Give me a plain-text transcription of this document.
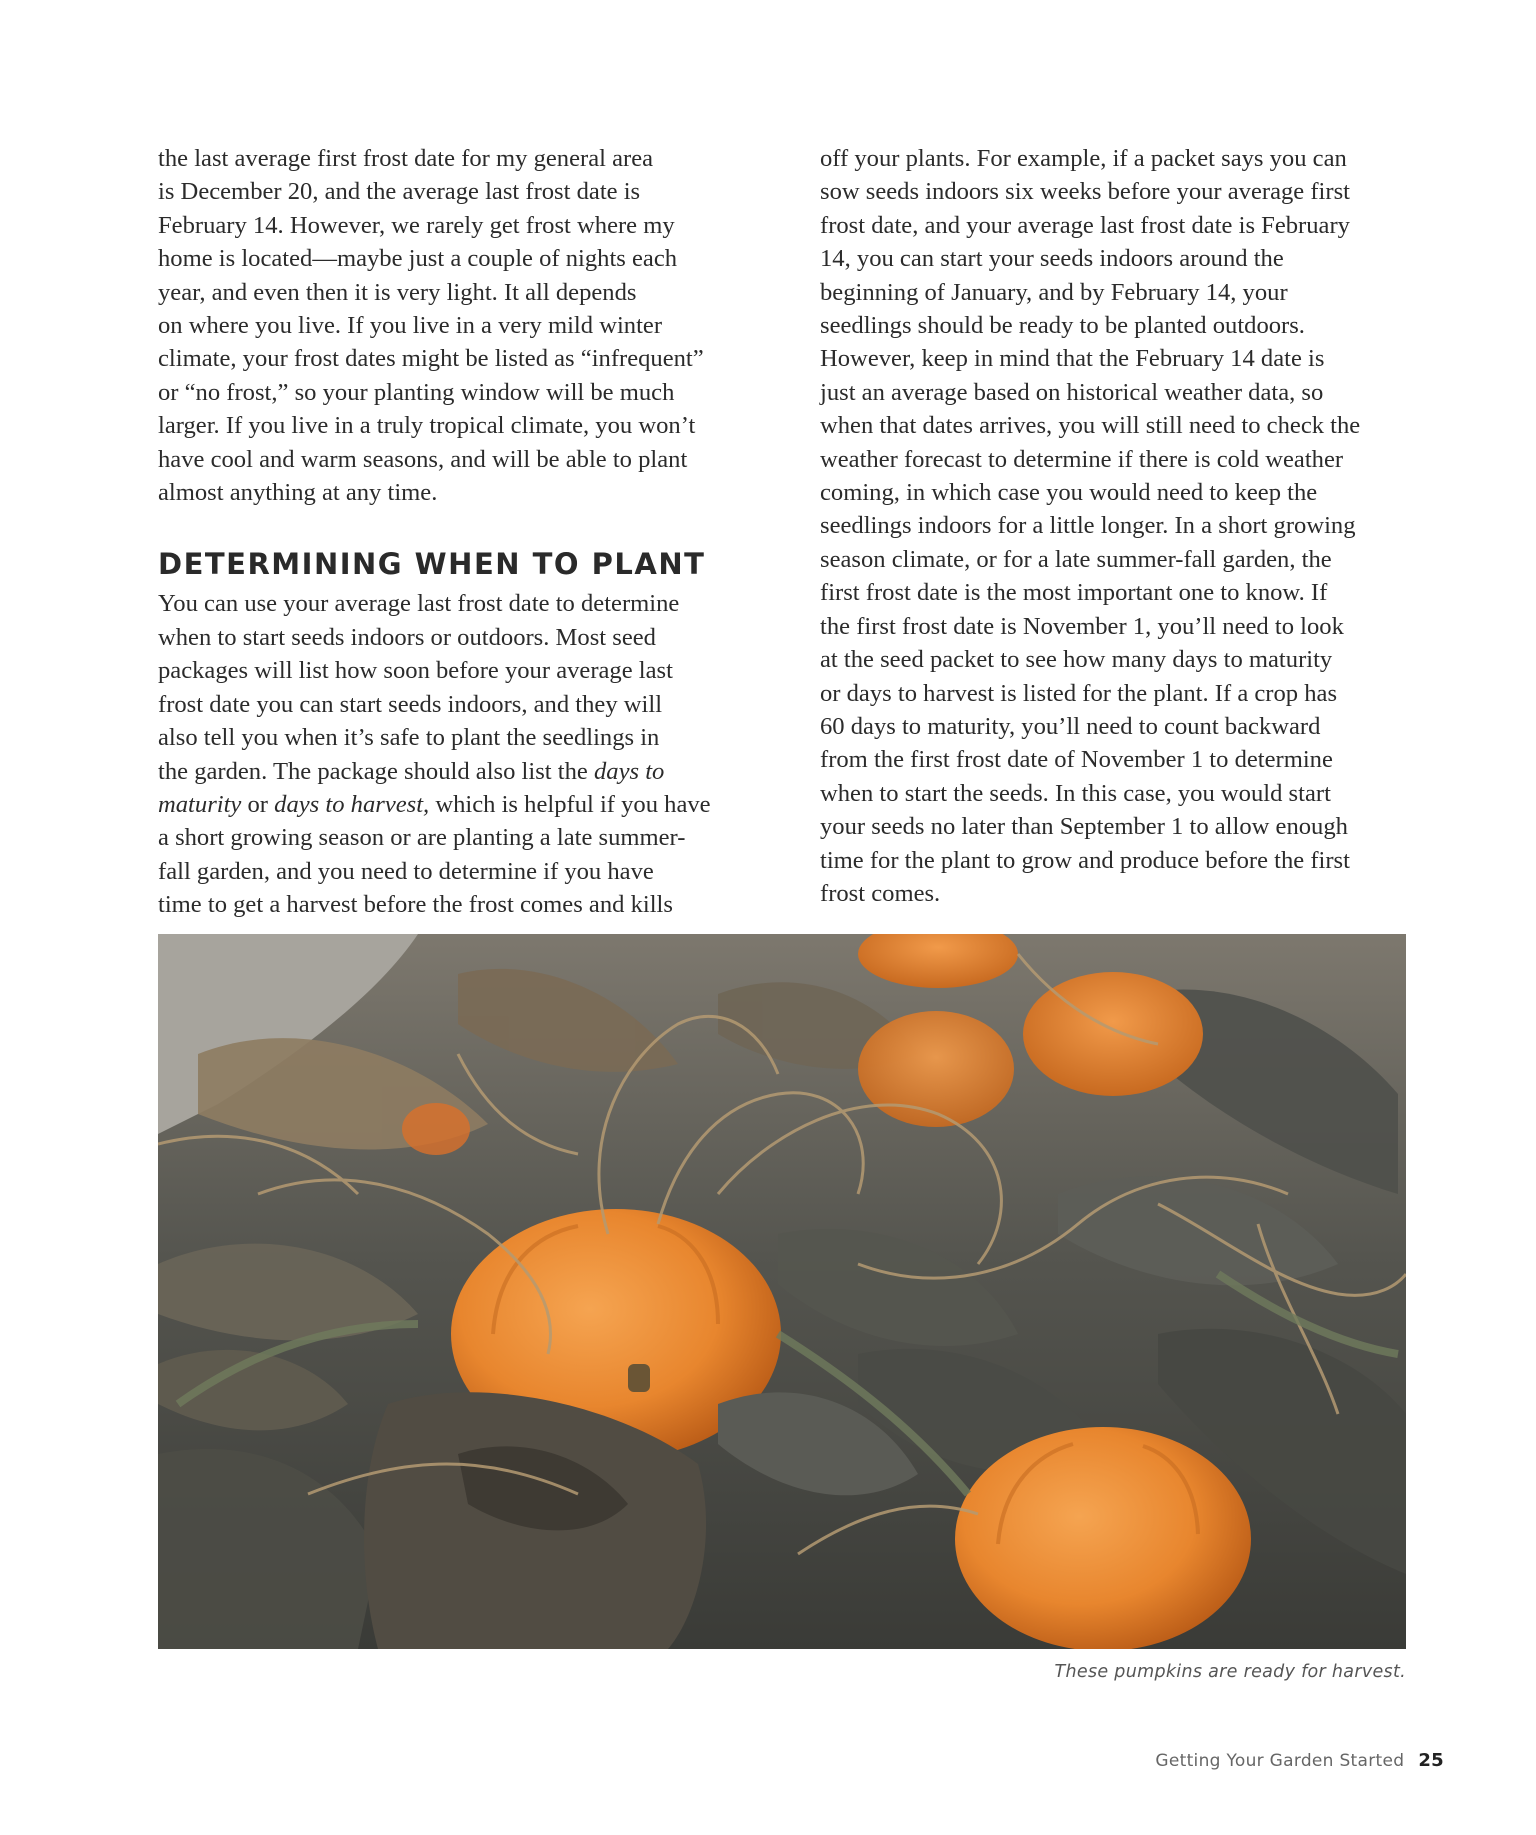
the last average first frost date for my general area
is December 20, and the average last frost date is
February 14. However, we rarely get frost where my
home is located—maybe just a couple of nights each
year, and even then it is very light. It all depends
on where you live. If you live in a very mild winter
climate, your frost dates might be listed as “infrequent”
or “no frost,” so your planting window will be much
larger. If you live in a truly tropical climate, you won’t
have cool and warm seasons, and will be able to plant
almost anything at any time.

DETERMINING WHEN TO PLANT

You can use your average last frost date to determine
when to start seeds indoors or outdoors. Most seed
packages will list how soon before your average last
frost date you can start seeds indoors, and they will
also tell you when it’s safe to plant the seedlings in
the garden. The package should also list the days to
maturity or days to harvest, which is helpful if you have
a short growing season or are planting a late summer-
fall garden, and you need to determine if you have
time to get a harvest before the frost comes and kills

off your plants. For example, if a packet says you can
sow seeds indoors six weeks before your average first
frost date, and your average last frost date is February
14, you can start your seeds indoors around the
beginning of January, and by February 14, your
seedlings should be ready to be planted outdoors.
However, keep in mind that the February 14 date is
just an average based on historical weather data, so
when that dates arrives, you will still need to check the
weather forecast to determine if there is cold weather
coming, in which case you would need to keep the
seedlings indoors for a little longer. In a short growing
season climate, or for a late summer-fall garden, the
first frost date is the most important one to know. If
the first frost date is November 1, you’ll need to look
at the seed packet to see how many days to maturity
or days to harvest is listed for the plant. If a crop has
60 days to maturity, you’ll need to count backward
from the first frost date of November 1 to determine
when to start the seeds. In this case, you would start
your seeds no later than September 1 to allow enough
time for the plant to grow and produce before the first
frost comes.

These pumpkins are ready for harvest.
Getting Your Garden Started 25
